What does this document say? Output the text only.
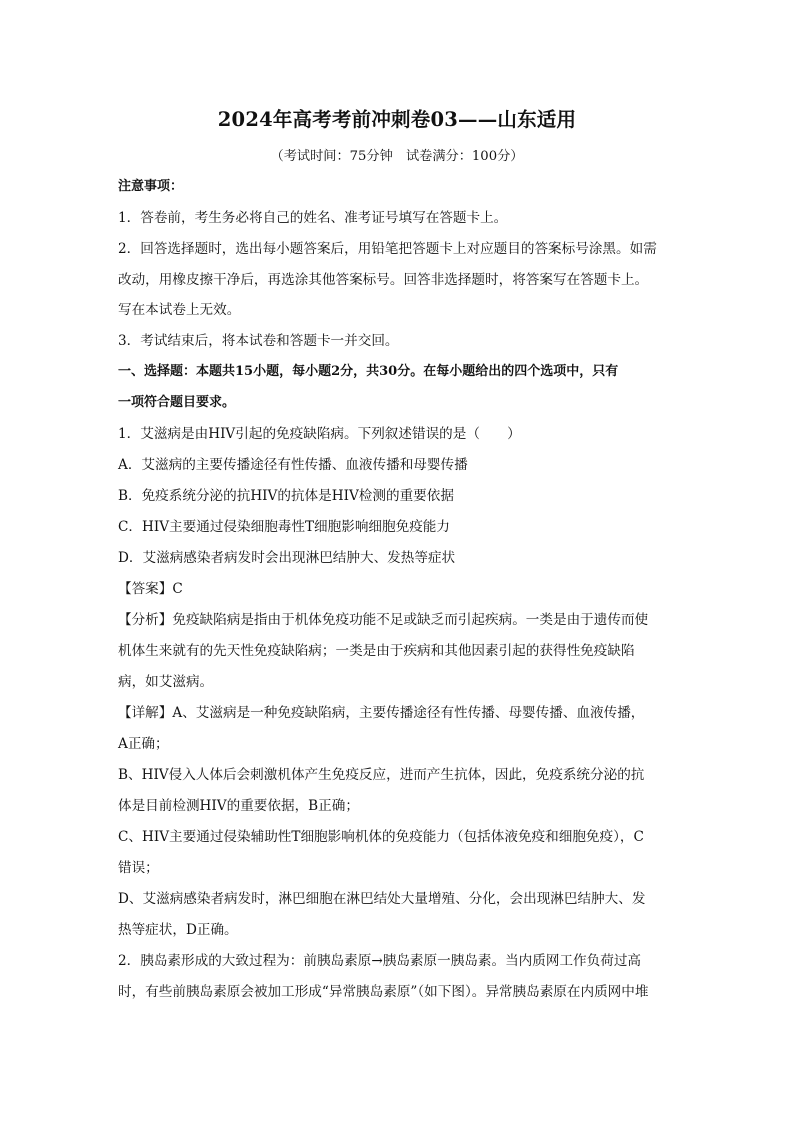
2024年高考考前冲刺卷03——山东适用
（考试时间：75分钟　试卷满分：100分）
注意事项：
1．答卷前，考生务必将自己的姓名、准考证号填写在答题卡上。
2．回答选择题时，选出每小题答案后，用铅笔把答题卡上对应题目的答案标号涂黑。如需
改动，用橡皮擦干净后，再选涂其他答案标号。回答非选择题时，将答案写在答题卡上。
写在本试卷上无效。
3．考试结束后，将本试卷和答题卡一并交回。
一、选择题：本题共15小题，每小题2分，共30分。在每小题给出的四个选项中，只有
一项符合题目要求。
1．艾滋病是由HIV引起的免疫缺陷病。下列叙述错误的是（　　）
A．艾滋病的主要传播途径有性传播、血液传播和母婴传播
B．免疫系统分泌的抗HIV的抗体是HIV检测的重要依据
C．HIV主要通过侵染细胞毒性T细胞影响细胞免疫能力
D．艾滋病感染者病发时会出现淋巴结肿大、发热等症状
【答案】C
【分析】免疫缺陷病是指由于机体免疫功能不足或缺乏而引起疾病。一类是由于遗传而使
机体生来就有的先天性免疫缺陷病；一类是由于疾病和其他因素引起的获得性免疫缺陷
病，如艾滋病。
【详解】A、艾滋病是一种免疫缺陷病，主要传播途径有性传播、母婴传播、血液传播，
A正确；
B、HIV侵入人体后会刺激机体产生免疫反应，进而产生抗体，因此，免疫系统分泌的抗
体是目前检测HIV的重要依据，B正确；
C、HIV主要通过侵染辅助性T细胞影响机体的免疫能力（包括体液免疫和细胞免疫），C
错误；
D、艾滋病感染者病发时，淋巴细胞在淋巴结处大量增殖、分化，会出现淋巴结肿大、发
热等症状，D正确。
2．胰岛素形成的大致过程为：前胰岛素原→胰岛素原一胰岛素。当内质网工作负荷过高
时，有些前胰岛素原会被加工形成“异常胰岛素原”（如下图）。异常胰岛素原在内质网中堆
